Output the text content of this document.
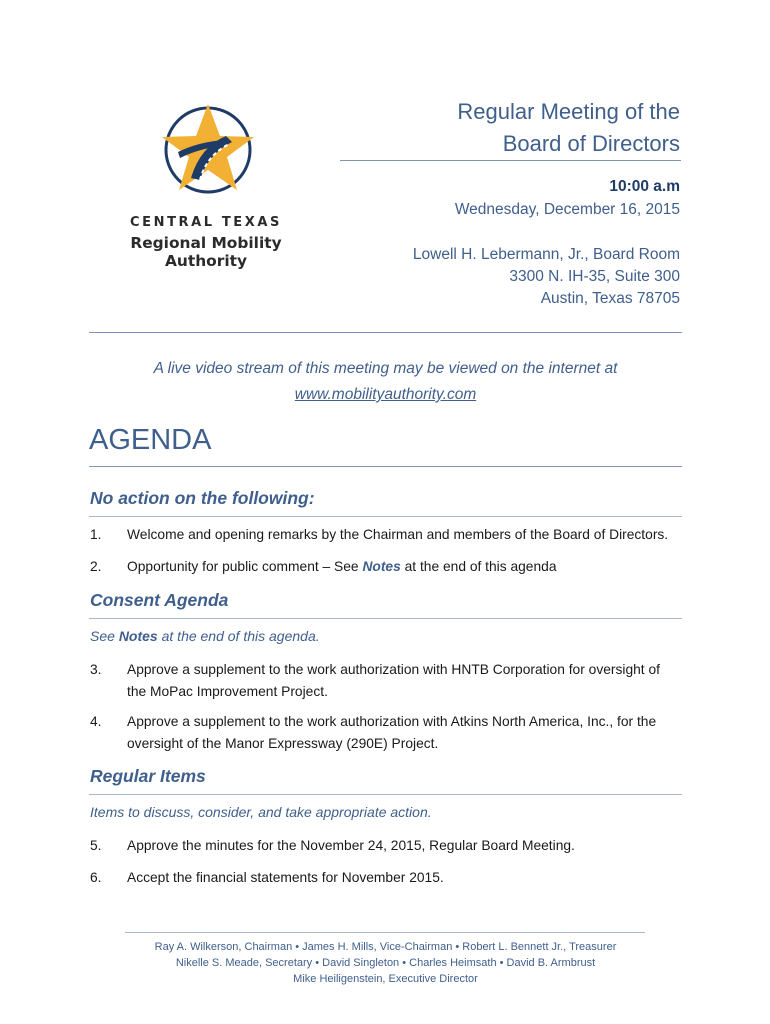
CENTRAL TEXAS
Regional Mobility Authority
Regular Meeting of the
Board of Directors
10:00 a.m
Wednesday, December 16, 2015
Lowell H. Lebermann, Jr., Board Room
3300 N. IH-35, Suite 300
Austin, Texas 78705
A live video stream of this meeting may be viewed on the internet at
www.mobilityauthority.com
AGENDA
No action on the following:
1. Welcome and opening remarks by the Chairman and members of the Board of Directors.
2. Opportunity for public comment – See Notes at the end of this agenda
Consent Agenda
See Notes at the end of this agenda.
3. Approve a supplement to the work authorization with HNTB Corporation for oversight of the MoPac Improvement Project.
4. Approve a supplement to the work authorization with Atkins North America, Inc., for the oversight of the Manor Expressway (290E) Project.
Regular Items
Items to discuss, consider, and take appropriate action.
5. Approve the minutes for the November 24, 2015, Regular Board Meeting.
6. Accept the financial statements for November 2015.
Ray A. Wilkerson, Chairman • James H. Mills, Vice-Chairman • Robert L. Bennett Jr., Treasurer
Nikelle S. Meade, Secretary • David Singleton • Charles Heimsath • David B. Armbrust
Mike Heiligenstein, Executive Director
